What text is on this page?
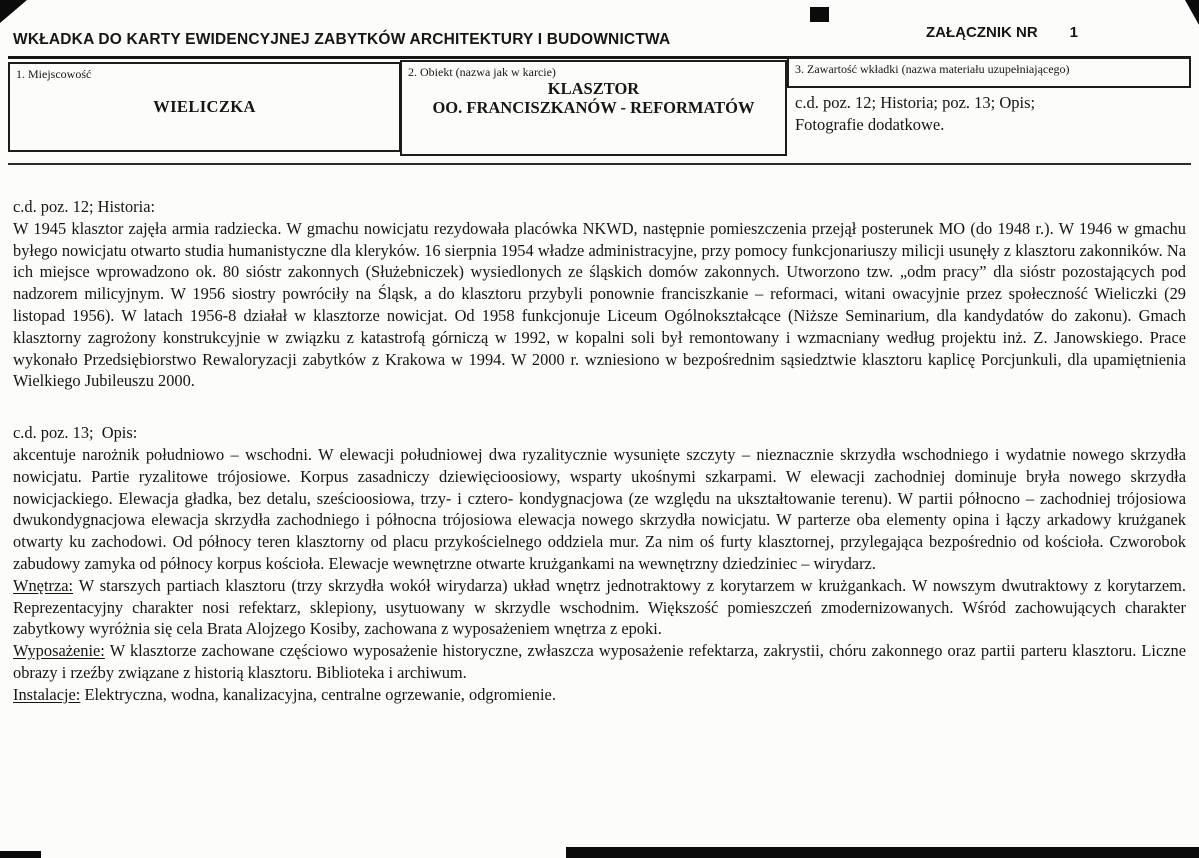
WKŁADKA DO KARTY EWIDENCYJNEJ ZABYTKÓW ARCHITEKTURY I BUDOWNICTWA	ZAŁĄCZNIK NR 1
1. Miejscowość
WIELICZKA
2. Obiekt (nazwa jak w karcie)
KLASZTOR
OO. FRANCISZKANÓW - REFORMATÓW
3. Zawartość wkładki (nazwa materiału uzupełniającego)
c.d. poz. 12; Historia; poz. 13; Opis;
Fotografie dodatkowe.

c.d. poz. 12; Historia:

W 1945 klasztor zajęła armia radziecka. W gmachu nowicjatu rezydowała placówka NKWD, następnie pomieszczenia przejął posterunek MO (do 1948 r.). W 1946 w gmachu byłego nowicjatu otwarto studia humanistyczne dla kleryków. 16 sierpnia 1954 władze administracyjne, przy pomocy funkcjonariuszy milicji usunęły z klasztoru zakonników. Na ich miejsce wprowadzono ok. 80 sióstr zakonnych (Służebniczek) wysiedlonych ze śląskich domów zakonnych. Utworzono tzw. „odm pracy” dla sióstr pozostających pod nadzorem milicyjnym. W 1956 siostry powróciły na Śląsk, a do klasztoru przybyli ponownie franciszkanie – reformaci, witani owacyjnie przez społeczność Wieliczki (29 listopad 1956). W latach 1956-8 działał w klasztorze nowicjat. Od 1958 funkcjonuje Liceum Ogólnokształcące (Niższe Seminarium, dla kandydatów do zakonu). Gmach klasztorny zagrożony konstrukcyjnie w związku z katastrofą górniczą w 1992, w kopalni soli był remontowany i wzmacniany według projektu inż. Z. Janowskiego. Prace wykonało Przedsiębiorstwo Rewaloryzacji zabytków z Krakowa w 1994. W 2000 r. wzniesiono w bezpośrednim sąsiedztwie klasztoru kaplicę Porcjunkuli, dla upamiętnienia Wielkiego Jubileuszu 2000.

c.d. poz. 13;  Opis:

akcentuje narożnik południowo – wschodni. W elewacji południowej dwa ryzalitycznie wysunięte szczyty – nieznacznie skrzydła wschodniego i wydatnie nowego skrzydła nowicjatu. Partie ryzalitowe trójosiowe. Korpus zasadniczy dziewięcioosiowy, wsparty ukośnymi szkarpami. W elewacji zachodniej dominuje bryła nowego skrzydła nowicjackiego. Elewacja gładka, bez detalu, sześcioosiowa, trzy- i cztero- kondygnacjowa (ze względu na ukształtowanie terenu). W partii północno – zachodniej trójosiowa dwukondygnacjowa elewacja skrzydła zachodniego i północna trójosiowa elewacja nowego skrzydła nowicjatu. W parterze oba elementy opina i łączy arkadowy krużganek otwarty ku zachodowi. Od północy teren klasztorny od placu przykościelnego oddziela mur. Za nim oś furty klasztornej, przylegająca bezpośrednio od kościoła. Czworobok zabudowy zamyka od północy korpus kościoła. Elewacje wewnętrzne otwarte krużgankami na wewnętrzny dziedziniec – wirydarz.

Wnętrza: W starszych partiach klasztoru (trzy skrzydła wokół wirydarza) układ wnętrz jednotraktowy z korytarzem w krużgankach. W nowszym dwutraktowy z korytarzem. Reprezentacyjny charakter nosi refektarz, sklepiony, usytuowany w skrzydle wschodnim. Większość pomieszczeń zmodernizowanych. Wśród zachowujących charakter zabytkowy wyróżnia się cela Brata Alojzego Kosiby, zachowana z wyposażeniem wnętrza z epoki.

Wyposażenie: W klasztorze zachowane częściowo wyposażenie historyczne, zwłaszcza wyposażenie refektarza, zakrystii, chóru zakonnego oraz partii parteru klasztoru. Liczne obrazy i rzeźby związane z historią klasztoru. Biblioteka i archiwum.

Instalacje: Elektryczna, wodna, kanalizacyjna, centralne ogrzewanie, odgromienie.
